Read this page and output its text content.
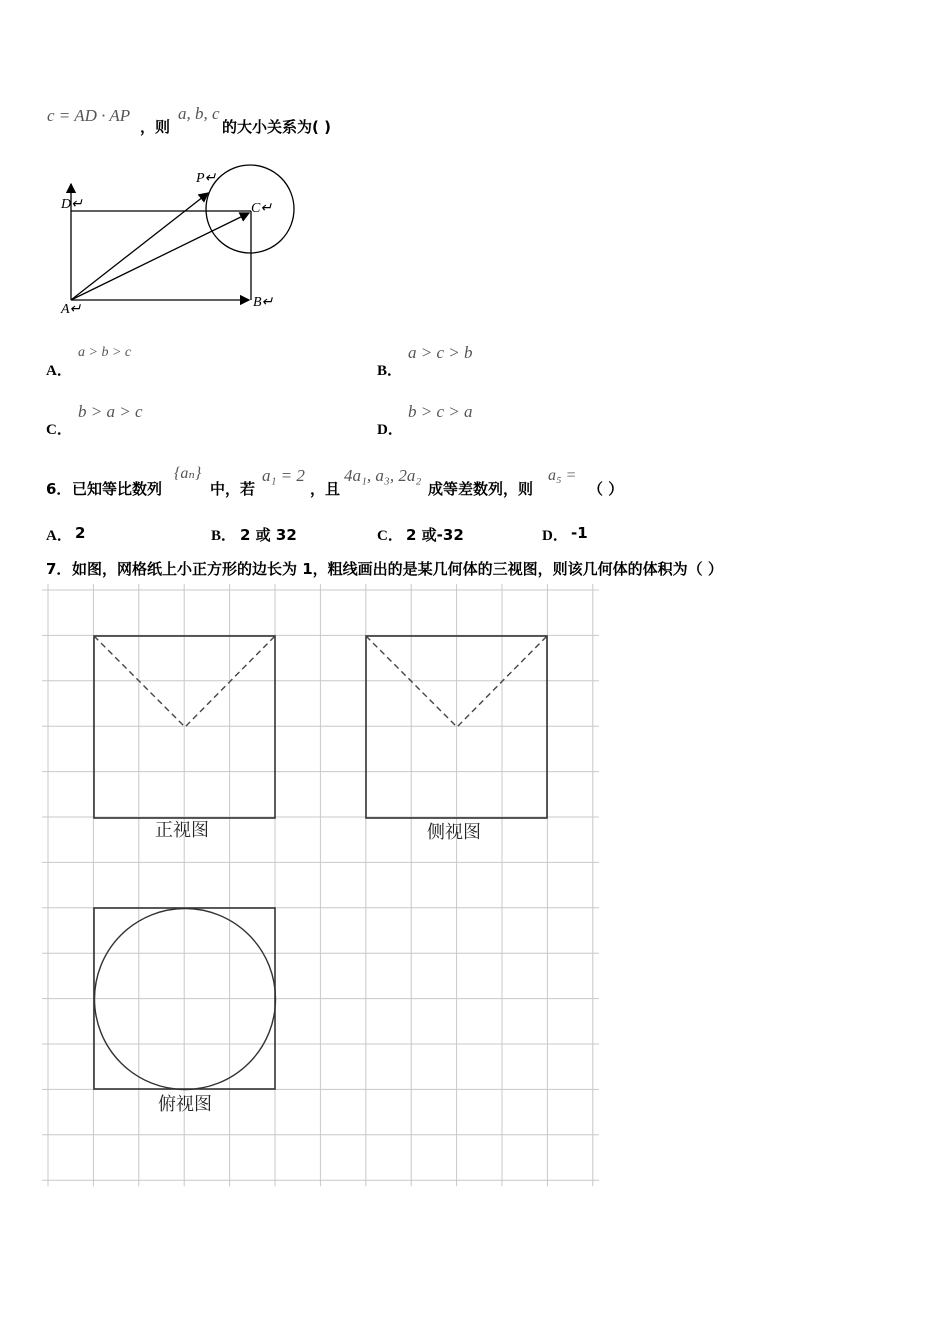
c = AD · AP
，则
a, b, c
的大小关系为( )
P↵
D↵	C↵
A↵	B↵
A．
a > b > c
B．
a > c > b
C．
b > a > c
D．
b > c > a
6． 已知等比数列
{aₙ}
中，若
a₁ = 2
，且
4a₁, a₃, 2a₂
成等差数列，则
a₅ =
（ ）
A． 2	B． 2 或 32	C． 2 或-32	D． -1
7． 如图，网格纸上小正方形的边长为 1，粗线画出的是某几何体的三视图，则该几何体的体积为（ ）
正视图	侧视图
俯视图
